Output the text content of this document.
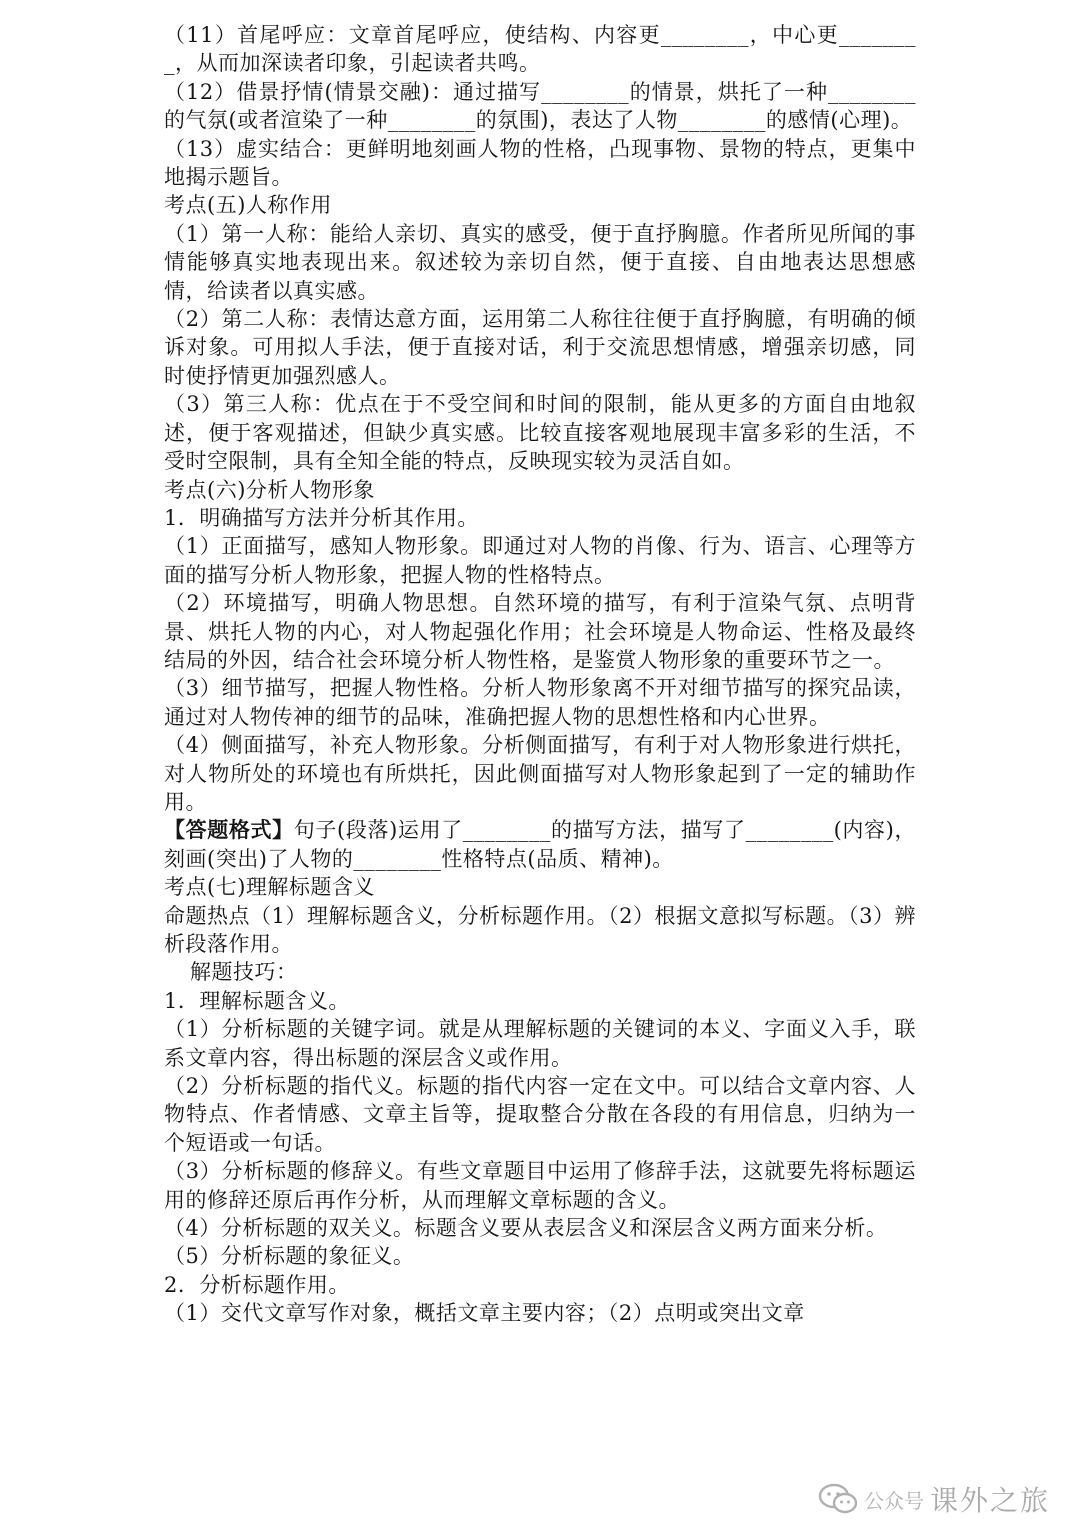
（11）首尾呼应：文章首尾呼应，使结构、内容更________，中心更________，从而加深读者印象，引起读者共鸣。

（12）借景抒情(情景交融)：通过描写________的情景，烘托了一种________的气氛(或者渲染了一种________的氛围)，表达了人物________的感情(心理)。

（13）虚实结合：更鲜明地刻画人物的性格，凸现事物、景物的特点，更集中地揭示题旨。

考点(五)人称作用

（1）第一人称：能给人亲切、真实的感受，便于直抒胸臆。作者所见所闻的事情能够真实地表现出来。叙述较为亲切自然，便于直接、自由地表达思想感情，给读者以真实感。

（2）第二人称：表情达意方面，运用第二人称往往便于直抒胸臆，有明确的倾诉对象。可用拟人手法，便于直接对话，利于交流思想情感，增强亲切感，同时使抒情更加强烈感人。

（3）第三人称：优点在于不受空间和时间的限制，能从更多的方面自由地叙述，便于客观描述，但缺少真实感。比较直接客观地展现丰富多彩的生活，不受时空限制，具有全知全能的特点，反映现实较为灵活自如。

考点(六)分析人物形象

1．明确描写方法并分析其作用。

（1）正面描写，感知人物形象。即通过对人物的肖像、行为、语言、心理等方面的描写分析人物形象，把握人物的性格特点。

（2）环境描写，明确人物思想。自然环境的描写，有利于渲染气氛、点明背景、烘托人物的内心，对人物起强化作用；社会环境是人物命运、性格及最终结局的外因，结合社会环境分析人物性格，是鉴赏人物形象的重要环节之一。

（3）细节描写，把握人物性格。分析人物形象离不开对细节描写的探究品读，通过对人物传神的细节的品味，准确把握人物的思想性格和内心世界。

（4）侧面描写，补充人物形象。分析侧面描写，有利于对人物形象进行烘托，对人物所处的环境也有所烘托，因此侧面描写对人物形象起到了一定的辅助作用。

【答题格式】句子(段落)运用了________的描写方法，描写了________(内容)，刻画(突出)了人物的________性格特点(品质、精神)。

考点(七)理解标题含义

命题热点（1）理解标题含义，分析标题作用。（2）根据文意拟写标题。（3）辨析段落作用。

解题技巧：

1．理解标题含义。

（1）分析标题的关键字词。就是从理解标题的关键词的本义、字面义入手，联系文章内容，得出标题的深层含义或作用。

（2）分析标题的指代义。标题的指代内容一定在文中。可以结合文章内容、人物特点、作者情感、文章主旨等，提取整合分散在各段的有用信息，归纳为一个短语或一句话。

（3）分析标题的修辞义。有些文章题目中运用了修辞手法，这就要先将标题运用的修辞还原后再作分析，从而理解文章标题的含义。

（4）分析标题的双关义。标题含义要从表层含义和深层含义两方面来分析。

（5）分析标题的象征义。

2．分析标题作用。

（1）交代文章写作对象，概括文章主要内容；（2）点明或突出文章

公众号 课外之旅
